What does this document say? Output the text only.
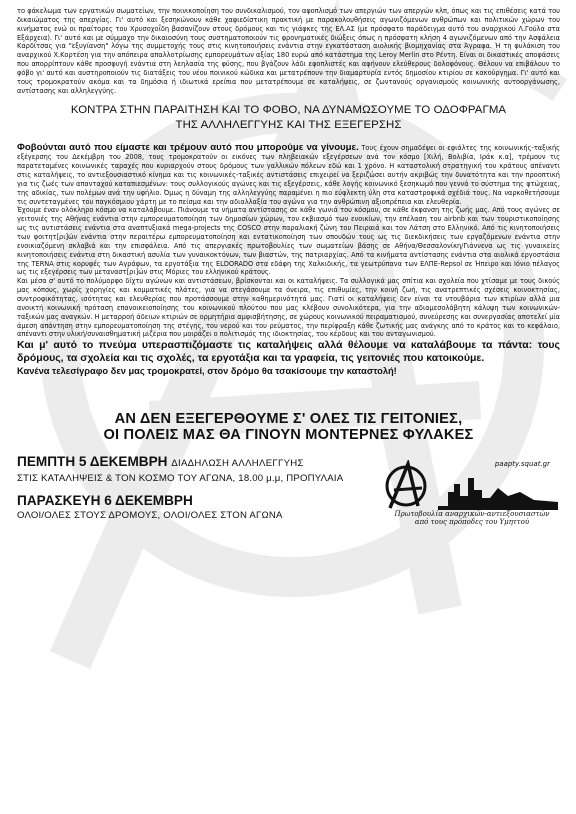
το φάκελωμα των εργατικών σωματείων, την ποινικοποίηση του συνδικαλισμού, τον αφοπλισμό των απεργιών των απεργών κλπ, όπως και τις επιθέσεις κατά του δικαιώματος της απεργίας. Γι' αυτό και ξεσηκώνουν κάθε χαφιεδίστικη πρακτική με παρακολουθήσεις αγωνιζόμενων ανθρώπων και πολιτικών χώρων του κινήματος ενώ οι πραίτορες του Χρυσοχοΐδη βασανίζουν στους δρόμους και τις γιάφκες της ΕΛ.ΑΣ (με πρόσφατο παράδειγμα αυτό του αναρχικού Λ.Γούλα στα Εξάρχεια). Γι' αυτό και με σύμμαχο την δικαιοσύνη τους συστηματοποιούν τις φρονηματικές διώξεις όπως η πρόσφατη κλήση 4 αγωνιζόμενων από την Ασφάλεια Καρδίτσας για "εξυγίανση" λόγω της συμμετοχής τους στις κινητοποιήσεις ενάντια στην εγκατάσταση αιολικής βιομηχανίας στα Άγραφα. Ή τη φυλάκιση του αναρχικού Χ.Κορτέση για την απόπειρα απαλλοτρίωσης εμπορευμάτων αξίας 180 ευρώ από κατάστημα της Leroy Merlin στο Ρέντη. Είναι οι δικαστικές αποφάσεις που απορρίπτουν κάθε προσφυγή ενάντια στη λεηλασία της φύσης, που βγάζουν λάδι εφοπλιστές και αφήνουν ελεύθερους δολοφόνους. Θέλουν να επιβάλουν το φόβο γι' αυτό και αυστηροποιούν τις διατάξεις του νέου ποινικού κώδικα και μετατρέπουν την διαμαρτυρία εντός δημοσίου κτιρίου σε κακούργημα. Γι' αυτό και τους τρομοκρατούν ακόμα και τα δημόσια ή ιδιωτικά ερείπια που μετατρέπουμε σε καταλήψεις, σε ζωντανούς οργανισμούς κοινωνικής αυτοοργάνωσης, αντίστασης και αλληλεγγύης.

ΚΟΝΤΡΑ ΣΤΗΝ ΠΑΡΑΙΤΗΣΗ ΚΑΙ ΤΟ ΦΟΒΟ, ΝΑ ΔΥΝΑΜΩΣΟΥΜΕ ΤΟ ΟΔΟΦΡΑΓΜΑ
ΤΗΣ ΑΛΛΗΛΕΓΓΥΗΣ ΚΑΙ ΤΗΣ ΕΞΕΓΕΡΣΗΣ

Φοβούνται αυτό που είμαστε και τρέμουν αυτό που μπορούμε να γίνουμε. Τους έχουν σημαδέψει οι εφιάλτες της κοινωνικής-ταξικής εξέγερσης του Δεκέμβρη του 2008, τους τρομοκρατούν οι εικόνες των πληβειακών εξεγέρσεων ανά τον κόσμο [Χιλή, Βολιβία, Ιράκ κ.α], τρέμουν τις παρατεταμένες κοινωνικές ταραχές που κυριαρχούν στους δρόμους των γαλλικών πόλεων εδώ και 1 χρόνο. Η καταστολική στρατηγική του κράτους απέναντι στις καταλήψεις, το αντιεξουσιαστικό κίνημα και τις κοινωνικές-ταξικές αντιστάσεις επιχειρεί να ξεριζώσει αυτήν ακριβώς την δυνατότητα και την προοπτική για τις ζωές των απανταχού καταπιεσμένων: τους συλλογικούς αγώνες και τις εξεγέρσεις, κάθε λογής κοινωνικό ξεσηκωμό που γεννά το σύστημα της φτώχειας, της αδικίας, των πολέμων ανά την υφήλιο. Όμως η δύναμη της αλληλεγγύης παραμένει η πιο εύφλεκτη ύλη στα καταστροφικά σχέδιά τους. Να ναρκοθετήσουμε τις συντεταγμένες του παγκόσμιου χάρτη με το πείσμα και την αδιαλλαξία του αγώνα για την ανθρώπινη αξιοπρέπεια και ελευθερία.

Έχουμε έναν ολόκληρο κόσμο να καταλάβουμε. Πιάνουμε τα νήματα αντίστασης σε κάθε γωνιά του κόσμου, σε κάθε έκφανση της ζωής μας. Από τους αγώνες σε γειτονιές της Αθήνας ενάντια στην εμπορευματοποίηση των δημοσίων χώρων, τον εκβιασμό των ενοικίων, την επέλαση του airbnb και των τουριστικοποίησης ως τις αντιστάσεις ενάντια στα αναπτυξιακά mega-projects της COSCO στην παραλιακή ζώνη του Πειραιά και τον Λάτση στο Ελληνικό. Από τις κινητοποιήσεις των φοιτητ[ρι]ών ενάντια στην περαιτέρω εμπορευματοποίηση και εντατικοποίηση των σπουδών τους ως τις διεκδικήσεις των εργαζόμενων ενάντια στην ενοικιαζόμενη σκλαβιά και την επισφάλεια. Από τις απεργιακές πρωτοβουλίες των σωματείων βάσης σε Αθήνα/Θεσσαλονίκη/Γιάννενα ως τις γυναικείες κινητοποιήσεις ενάντια στη δικαστική ασυλία των γυναικοκτόνων, των βιαστών, της πατριαρχίας. Από τα κινήματα αντίστασης ενάντια στα αιολικά εργοστάσια της TERNA στις κορυφές των Αγράφων, τα εργοτάξια της ELDORADO στα εδάφη της Χαλκιδικής, τα γεωτρύπανα των ΕΛΠΕ-Repsol σε Ήπειρο και Ιόνιο πέλαγος ως τις εξεγέρσεις των μεταναστ[ρι]ών στις Μόριες του ελληνικού κράτους.

Και μέσα σ' αυτό το πολύμορφο δίχτυ αγώνων και αντιστάσεων, βρίσκονται και οι καταλήψεις. Τα συλλογικά μας σπίτια και σχολεία που χτίσαμε με τους δικούς μας κόπους, χωρίς χορηγίες και κομματικές πλάτες, για να στεγάσουμε τα όνειρα, τις επιθυμίες, την κοινή ζωή, τις ανατρεπτικές σχέσεις κοινοκτησίας, συντροφικότητας, ισότητας και ελευθερίας που προτάσσουμε στην καθημερινότητά μας. Γιατί οι καταλήψεις δεν είναι τα ντουβάρια των κτιρίων αλλά μια ανοικτή κοινωνική πρόταση επανοικειοποίησης του κοινωνικού πλούτου που μας κλέβουν συνολικότερα, για την αδιαμεσολάβητη κάλυψη των κοινωνικών-ταξικών μας αναγκών. Η μεταρροή άδειων κτιριών σε ορμητήρια αμφισβήτησης, σε χώρους κοινωνικού πειραματισμού, συνεύρεσης και συνεργασίας αποτελεί μία άμεση απάντηση στην εμπορευματοποίηση της στέγης, του νερού και του ρεύματος, την περίφραξη κάθε ζωτικής μας ανάγκης από το κράτος και το κεφάλαιο, απέναντι στην υλική/συναισθηματική μιζέρια που μοιράζει ο πολιτισμός της ιδιοκτησίας, του κέρδους και του ανταγωνισμού.

Και μ' αυτό το πνεύμα υπερασπιζόμαστε τις καταλήψεις αλλά θέλουμε να καταλάβουμε τα πάντα: τους δρόμους, τα σχολεία και τις σχολές, τα εργοτάξια και τα γραφεία, τις γειτονιές που κατοικούμε.
Κανένα τελεσίγραφο δεν μας τρομοκρατεί, στον δρόμο θα τσακίσουμε την καταστολή!

ΑΝ ΔΕΝ ΕΞΕΓΕΡΘΟΥΜΕ Σ' ΟΛΕΣ ΤΙΣ ΓΕΙΤΟΝΙΕΣ,
ΟΙ ΠΟΛΕΙΣ ΜΑΣ ΘΑ ΓΙΝΟΥΝ ΜΟΝΤΕΡΝΕΣ ΦΥΛΑΚΕΣ

ΠΕΜΠΤΗ 5 ΔΕΚΕΜΒΡΗ ΔΙΑΔΗΛΩΣΗ ΑΛΛΗΛΕΓΓΥΗΣ

ΣΤΙΣ ΚΑΤΑΛΗΨΕΙΣ & ΤΟΝ ΚΟΣΜΟ ΤΟΥ ΑΓΩΝΑ, 18.00 μ.μ, ΠΡΟΠΥΛΑΙΑ

ΠΑΡΑΣΚΕΥΗ 6 ΔΕΚΕΜΒΡΗ

ΟΛΟΙ/ΟΛΕΣ ΣΤΟΥΣ ΔΡΟΜΟΥΣ, ΟΛΟΙ/ΟΛΕΣ ΣΤΟΝ ΑΓΩΝΑ

paapty.squat.gr
Πρωτοβουλία αναρχικών-αντιεξουσιαστών
από τους πρόποδες του Υμηττού
